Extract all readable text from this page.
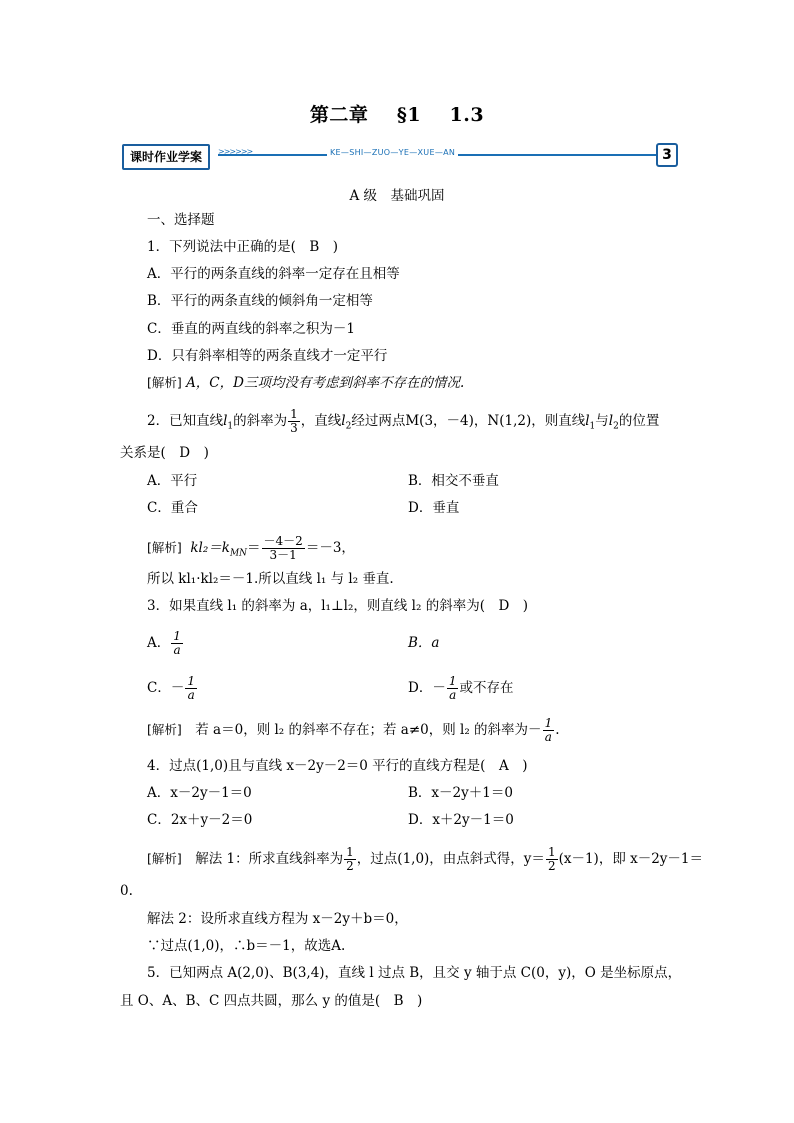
第二章 §1 1.3
课时作业学案	>>>>>>	KE—SHI—ZUO—YE—XUE—AN	3
A 级　基础巩固
一、选择题
1．下列说法中正确的是(　B　)
A．平行的两条直线的斜率一定存在且相等
B．平行的两条直线的倾斜角一定相等
C．垂直的两直线的斜率之积为－1
D．只有斜率相等的两条直线才一定平行
[解析] A，C，D三项均没有考虑到斜率不存在的情况.
2．已知直线$l_1$的斜率为 $\frac{1}{3}$ ，直线$l_2$经过两点M(3，－4)，N(1,2)，则直线$l_1$与$l_2$的位置
关系是(　D　)
A．平行	B．相交不垂直
C．重合	D．垂直
[解析] $kl_2=k_{MN}= \frac{-4-2}{3-1} =-3$，
所以 kl₁·kl₂＝－1.所以直线 l₁ 与 l₂ 垂直.
3．如果直线 l₁ 的斜率为 a，l₁⊥l₂，则直线 l₂ 的斜率为(　D　)
A． $\frac{1}{a}$	B．a
C．－ $\frac{1}{a}$	D．－ $\frac{1}{a}$ 或不存在
[解析]　若 a＝0，则 l₂ 的斜率不存在；若 a≠0，则 l₂ 的斜率为－ $\frac{1}{a}$ .
4．过点(1,0)且与直线 x－2y－2＝0 平行的直线方程是(　A　)
A．x－2y－1＝0	B．x－2y＋1＝0
C．2x＋y－2＝0	D．x＋2y－1＝0
[解析]　解法 1：所求直线斜率为 $\frac{1}{2}$ ，过点(1,0)，由点斜式得，$y= \frac{1}{2} (x-1)$，即 x－2y－1＝
0.
解法 2：设所求直线方程为 x－2y＋b＝0，
∵过点(1,0)，∴b＝－1，故选A.
5．已知两点 A(2,0)、B(3,4)，直线 l 过点 B，且交 y 轴于点 C(0，y)，O 是坐标原点，
且 O、A、B、C 四点共圆，那么 y 的值是(　B　)
